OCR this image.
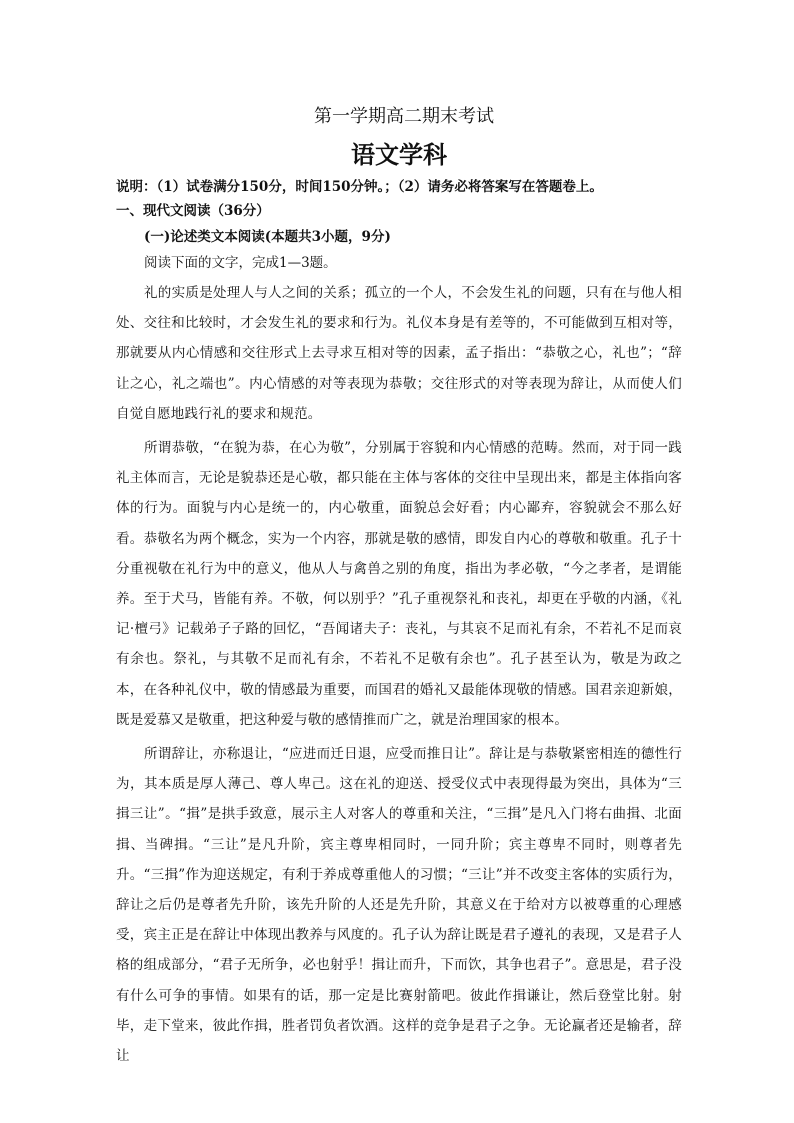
第一学期高二期末考试
语文学科

说明：（1）试卷满分150分，时间150分钟。；（2）请务必将答案写在答题卷上。

一、现代文阅读（36分）

(一)论述类文本阅读(本题共3小题，9分)

阅读下面的文字，完成1—3题。

礼的实质是处理人与人之间的关系；孤立的一个人，不会发生礼的问题，只有在与他人相处、交往和比较时，才会发生礼的要求和行为。礼仪本身是有差等的，不可能做到互相对等，那就要从内心情感和交往形式上去寻求互相对等的因素，孟子指出：“恭敬之心，礼也”；“辞让之心，礼之端也”。内心情感的对等表现为恭敬；交往形式的对等表现为辞让，从而使人们自觉自愿地践行礼的要求和规范。

所谓恭敬，“在貌为恭，在心为敬”，分别属于容貌和内心情感的范畴。然而，对于同一践礼主体而言，无论是貌恭还是心敬，都只能在主体与客体的交往中呈现出来，都是主体指向客体的行为。面貌与内心是统一的，内心敬重，面貌总会好看；内心鄙弃，容貌就会不那么好看。恭敬名为两个概念，实为一个内容，那就是敬的感情，即发自内心的尊敬和敬重。孔子十分重视敬在礼行为中的意义，他从人与禽兽之别的角度，指出为孝必敬，“今之孝者，是谓能养。至于犬马，皆能有养。不敬，何以别乎？”孔子重视祭礼和丧礼，却更在乎敬的内涵，《礼记·檀弓》记载弟子子路的回忆，“吾闻诸夫子：丧礼，与其哀不足而礼有余，不若礼不足而哀有余也。祭礼，与其敬不足而礼有余，不若礼不足敬有余也”。孔子甚至认为，敬是为政之本，在各种礼仪中，敬的情感最为重要，而国君的婚礼又最能体现敬的情感。国君亲迎新娘，既是爱慕又是敬重，把这种爱与敬的感情推而广之，就是治理国家的根本。

所谓辞让，亦称退让，“应进而迁日退，应受而推日让”。辞让是与恭敬紧密相连的德性行为，其本质是厚人薄己、尊人卑己。这在礼的迎送、授受仪式中表现得最为突出，具体为“三揖三让”。“揖”是拱手致意，展示主人对客人的尊重和关注，“三揖”是凡入门将右曲揖、北面揖、当碑揖。“三让”是凡升阶，宾主尊卑相同时，一同升阶；宾主尊卑不同时，则尊者先升。“三揖”作为迎送规定，有利于养成尊重他人的习惯；“三让”并不改变主客体的实质行为，辞让之后仍是尊者先升阶，该先升阶的人还是先升阶，其意义在于给对方以被尊重的心理感受，宾主正是在辞让中体现出教养与风度的。孔子认为辞让既是君子遵礼的表现，又是君子人格的组成部分，“君子无所争，必也射乎！揖让而升，下而饮，其争也君子”。意思是，君子没有什么可争的事情。如果有的话，那一定是比赛射箭吧。彼此作揖谦让，然后登堂比射。射毕，走下堂来，彼此作揖，胜者罚负者饮酒。这样的竞争是君子之争。无论赢者还是输者，辞让
